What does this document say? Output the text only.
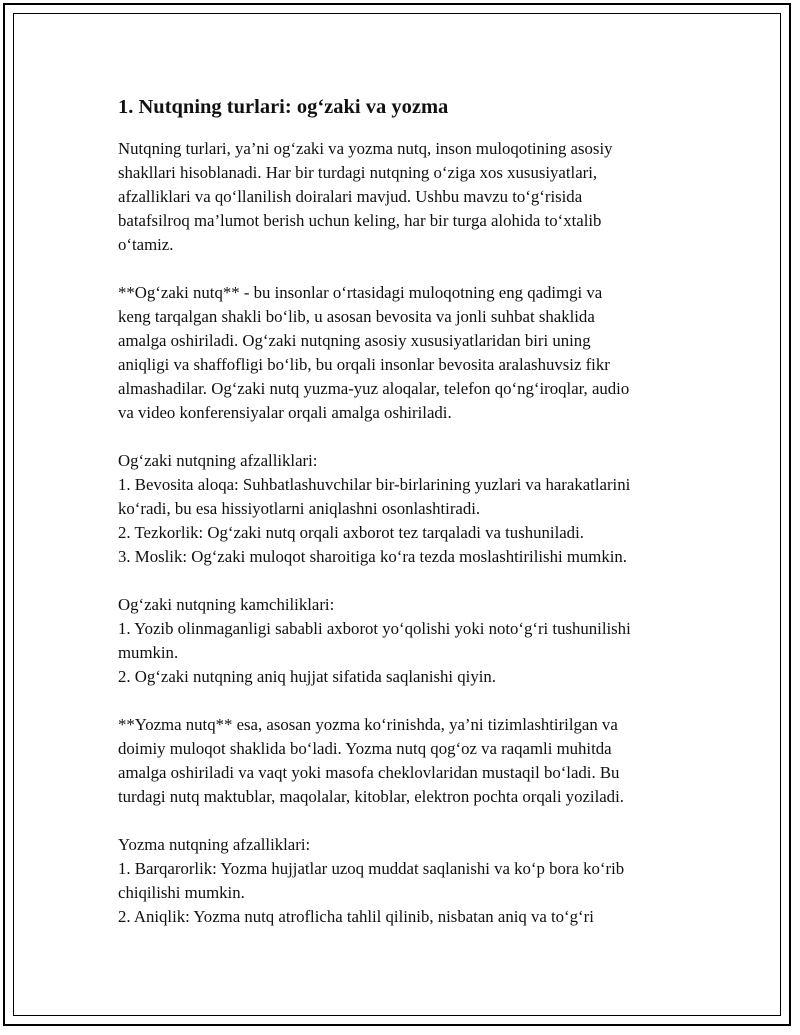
1. Nutqning turlari: og‘zaki va yozma

Nutqning turlari, ya’ni og‘zaki va yozma nutq, inson muloqotining asosiy
shakllari hisoblanadi. Har bir turdagi nutqning o‘ziga xos xususiyatlari,
afzalliklari va qo‘llanilish doiralari mavjud. Ushbu mavzu to‘g‘risida
batafsilroq ma’lumot berish uchun keling, har bir turga alohida to‘xtalib
o‘tamiz.

**Og‘zaki nutq** - bu insonlar o‘rtasidagi muloqotning eng qadimgi va
keng tarqalgan shakli bo‘lib, u asosan bevosita va jonli suhbat shaklida
amalga oshiriladi. Og‘zaki nutqning asosiy xususiyatlaridan biri uning
aniqligi va shaffofligi bo‘lib, bu orqali insonlar bevosita aralashuvsiz fikr
almashadilar. Og‘zaki nutq yuzma-yuz aloqalar, telefon qo‘ng‘iroqlar, audio
va video konferensiyalar orqali amalga oshiriladi.

Og‘zaki nutqning afzalliklari:
1. Bevosita aloqa: Suhbatlashuvchilar bir-birlarining yuzlari va harakatlarini
ko‘radi, bu esa hissiyotlarni aniqlashni osonlashtiradi.
2. Tezkorlik: Og‘zaki nutq orqali axborot tez tarqaladi va tushuniladi.
3. Moslik: Og‘zaki muloqot sharoitiga ko‘ra tezda moslashtirilishi mumkin.

Og‘zaki nutqning kamchiliklari:
1. Yozib olinmaganligi sababli axborot yo‘qolishi yoki noto‘g‘ri tushunilishi
mumkin.
2. Og‘zaki nutqning aniq hujjat sifatida saqlanishi qiyin.

**Yozma nutq** esa, asosan yozma ko‘rinishda, ya’ni tizimlashtirilgan va
doimiy muloqot shaklida bo‘ladi. Yozma nutq qog‘oz va raqamli muhitda
amalga oshiriladi va vaqt yoki masofa cheklovlaridan mustaqil bo‘ladi. Bu
turdagi nutq maktublar, maqolalar, kitoblar, elektron pochta orqali yoziladi.

Yozma nutqning afzalliklari:
1. Barqarorlik: Yozma hujjatlar uzoq muddat saqlanishi va ko‘p bora ko‘rib
chiqilishi mumkin.
2. Aniqlik: Yozma nutq atroflicha tahlil qilinib, nisbatan aniq va to‘g‘ri
